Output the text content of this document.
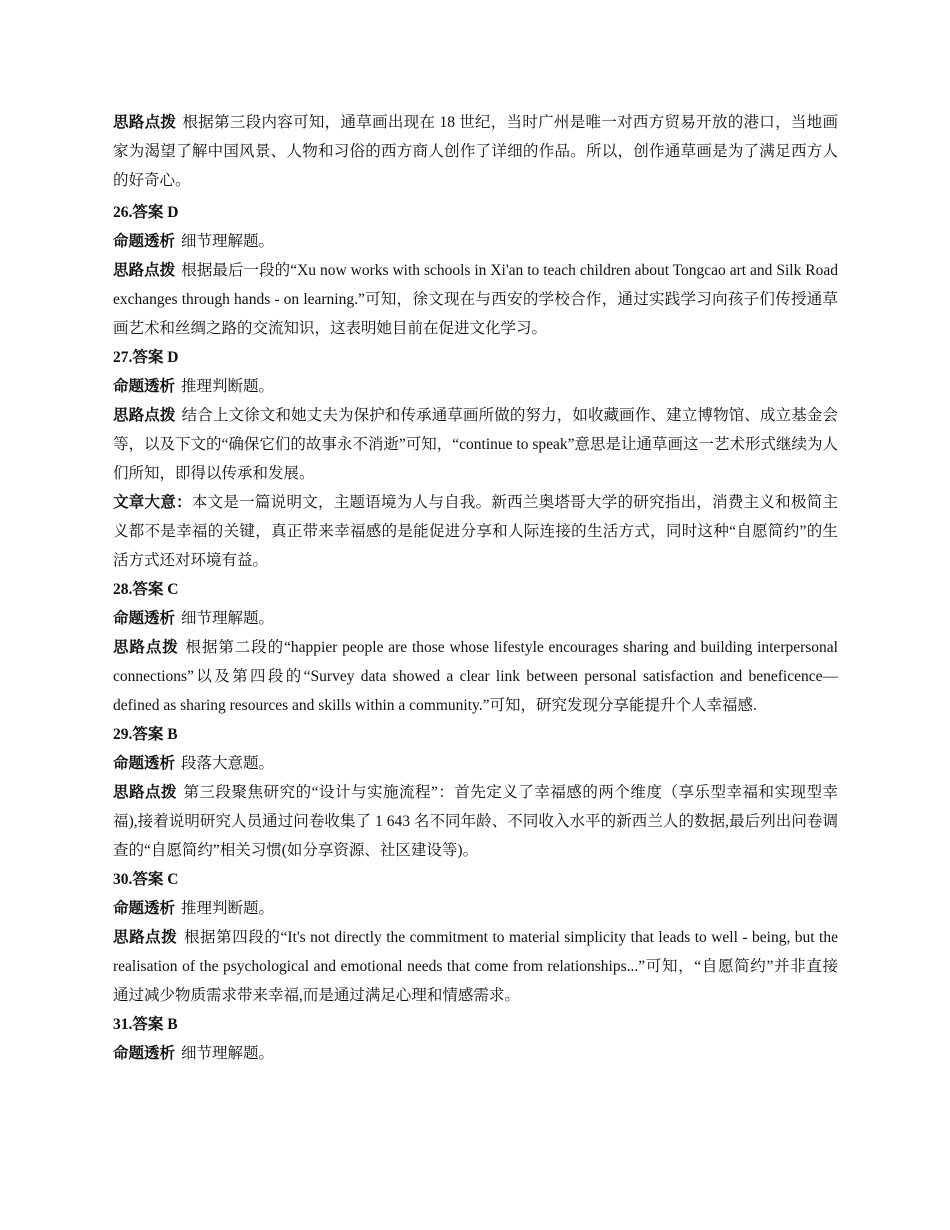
思路点拨 根据第三段内容可知，通草画出现在 18 世纪，当时广州是唯一对西方贸易开放的港口，当地画家为渴望了解中国风景、人物和习俗的西方商人创作了详细的作品。所以，创作通草画是为了满足西方人的好奇心。

26.答案 D

命题透析 细节理解题。

思路点拨 根据最后一段的“Xu now works with schools in Xi'an to teach children about Tongcao art and Silk Road exchanges through hands - on learning.”可知，徐文现在与西安的学校合作，通过实践学习向孩子们传授通草画艺术和丝绸之路的交流知识，这表明她目前在促进文化学习。

27.答案 D

命题透析 推理判断题。

思路点拨 结合上文徐文和她丈夫为保护和传承通草画所做的努力，如收藏画作、建立博物馆、成立基金会等，以及下文的“确保它们的故事永不消逝”可知，“continue to speak”意思是让通草画这一艺术形式继续为人们所知，即得以传承和发展。

文章大意：本文是一篇说明文，主题语境为人与自我。新西兰奥塔哥大学的研究指出，消费主义和极简主义都不是幸福的关键，真正带来幸福感的是能促进分享和人际连接的生活方式，同时这种“自愿简约”的生活方式还对环境有益。

28.答案 C

命题透析 细节理解题。

思路点拨 根据第二段的“happier people are those whose lifestyle encourages sharing and building interpersonal connections”以及第四段的“Survey data showed a clear link between personal satisfaction and beneficence—defined as sharing resources and skills within a community.”可知，研究发现分享能提升个人幸福感.

29.答案 B

命题透析 段落大意题。

思路点拨 第三段聚焦研究的“设计与实施流程”：首先定义了幸福感的两个维度（享乐型幸福和实现型幸福),接着说明研究人员通过问卷收集了 1 643 名不同年龄、不同收入水平的新西兰人的数据,最后列出问卷调查的“自愿简约”相关习惯(如分享资源、社区建设等)。

30.答案 C

命题透析 推理判断题。

思路点拨 根据第四段的“It's not directly the commitment to material simplicity that leads to well - being, but the realisation of the psychological and emotional needs that come from relationships...”可知，“自愿简约”并非直接通过减少物质需求带来幸福,而是通过满足心理和情感需求。

31.答案 B

命题透析 细节理解题。
